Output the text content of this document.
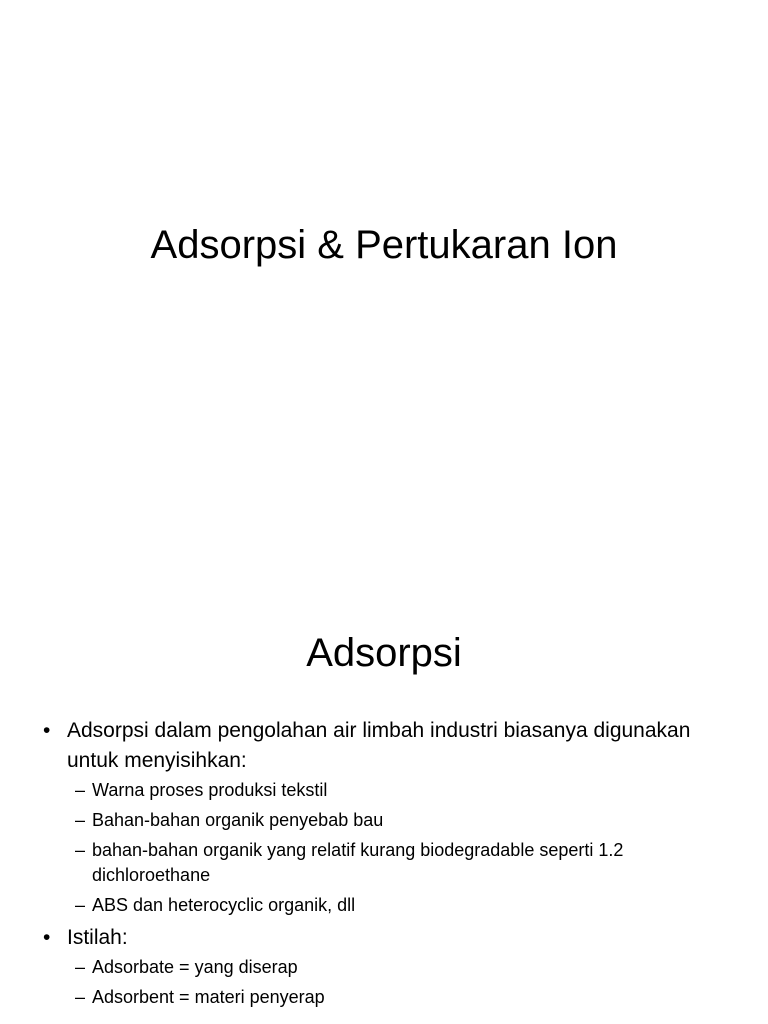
Adsorpsi & Pertukaran Ion
Adsorpsi
• Adsorpsi dalam pengolahan air limbah industri biasanya digunakan untuk menyisihkan:
– Warna proses produksi tekstil
– Bahan-bahan organik penyebab bau
– bahan-bahan organik yang relatif kurang biodegradable seperti 1.2 dichloroethane
– ABS dan heterocyclic organik, dll
• Istilah:
– Adsorbate = yang diserap
– Adsorbent = materi penyerap
